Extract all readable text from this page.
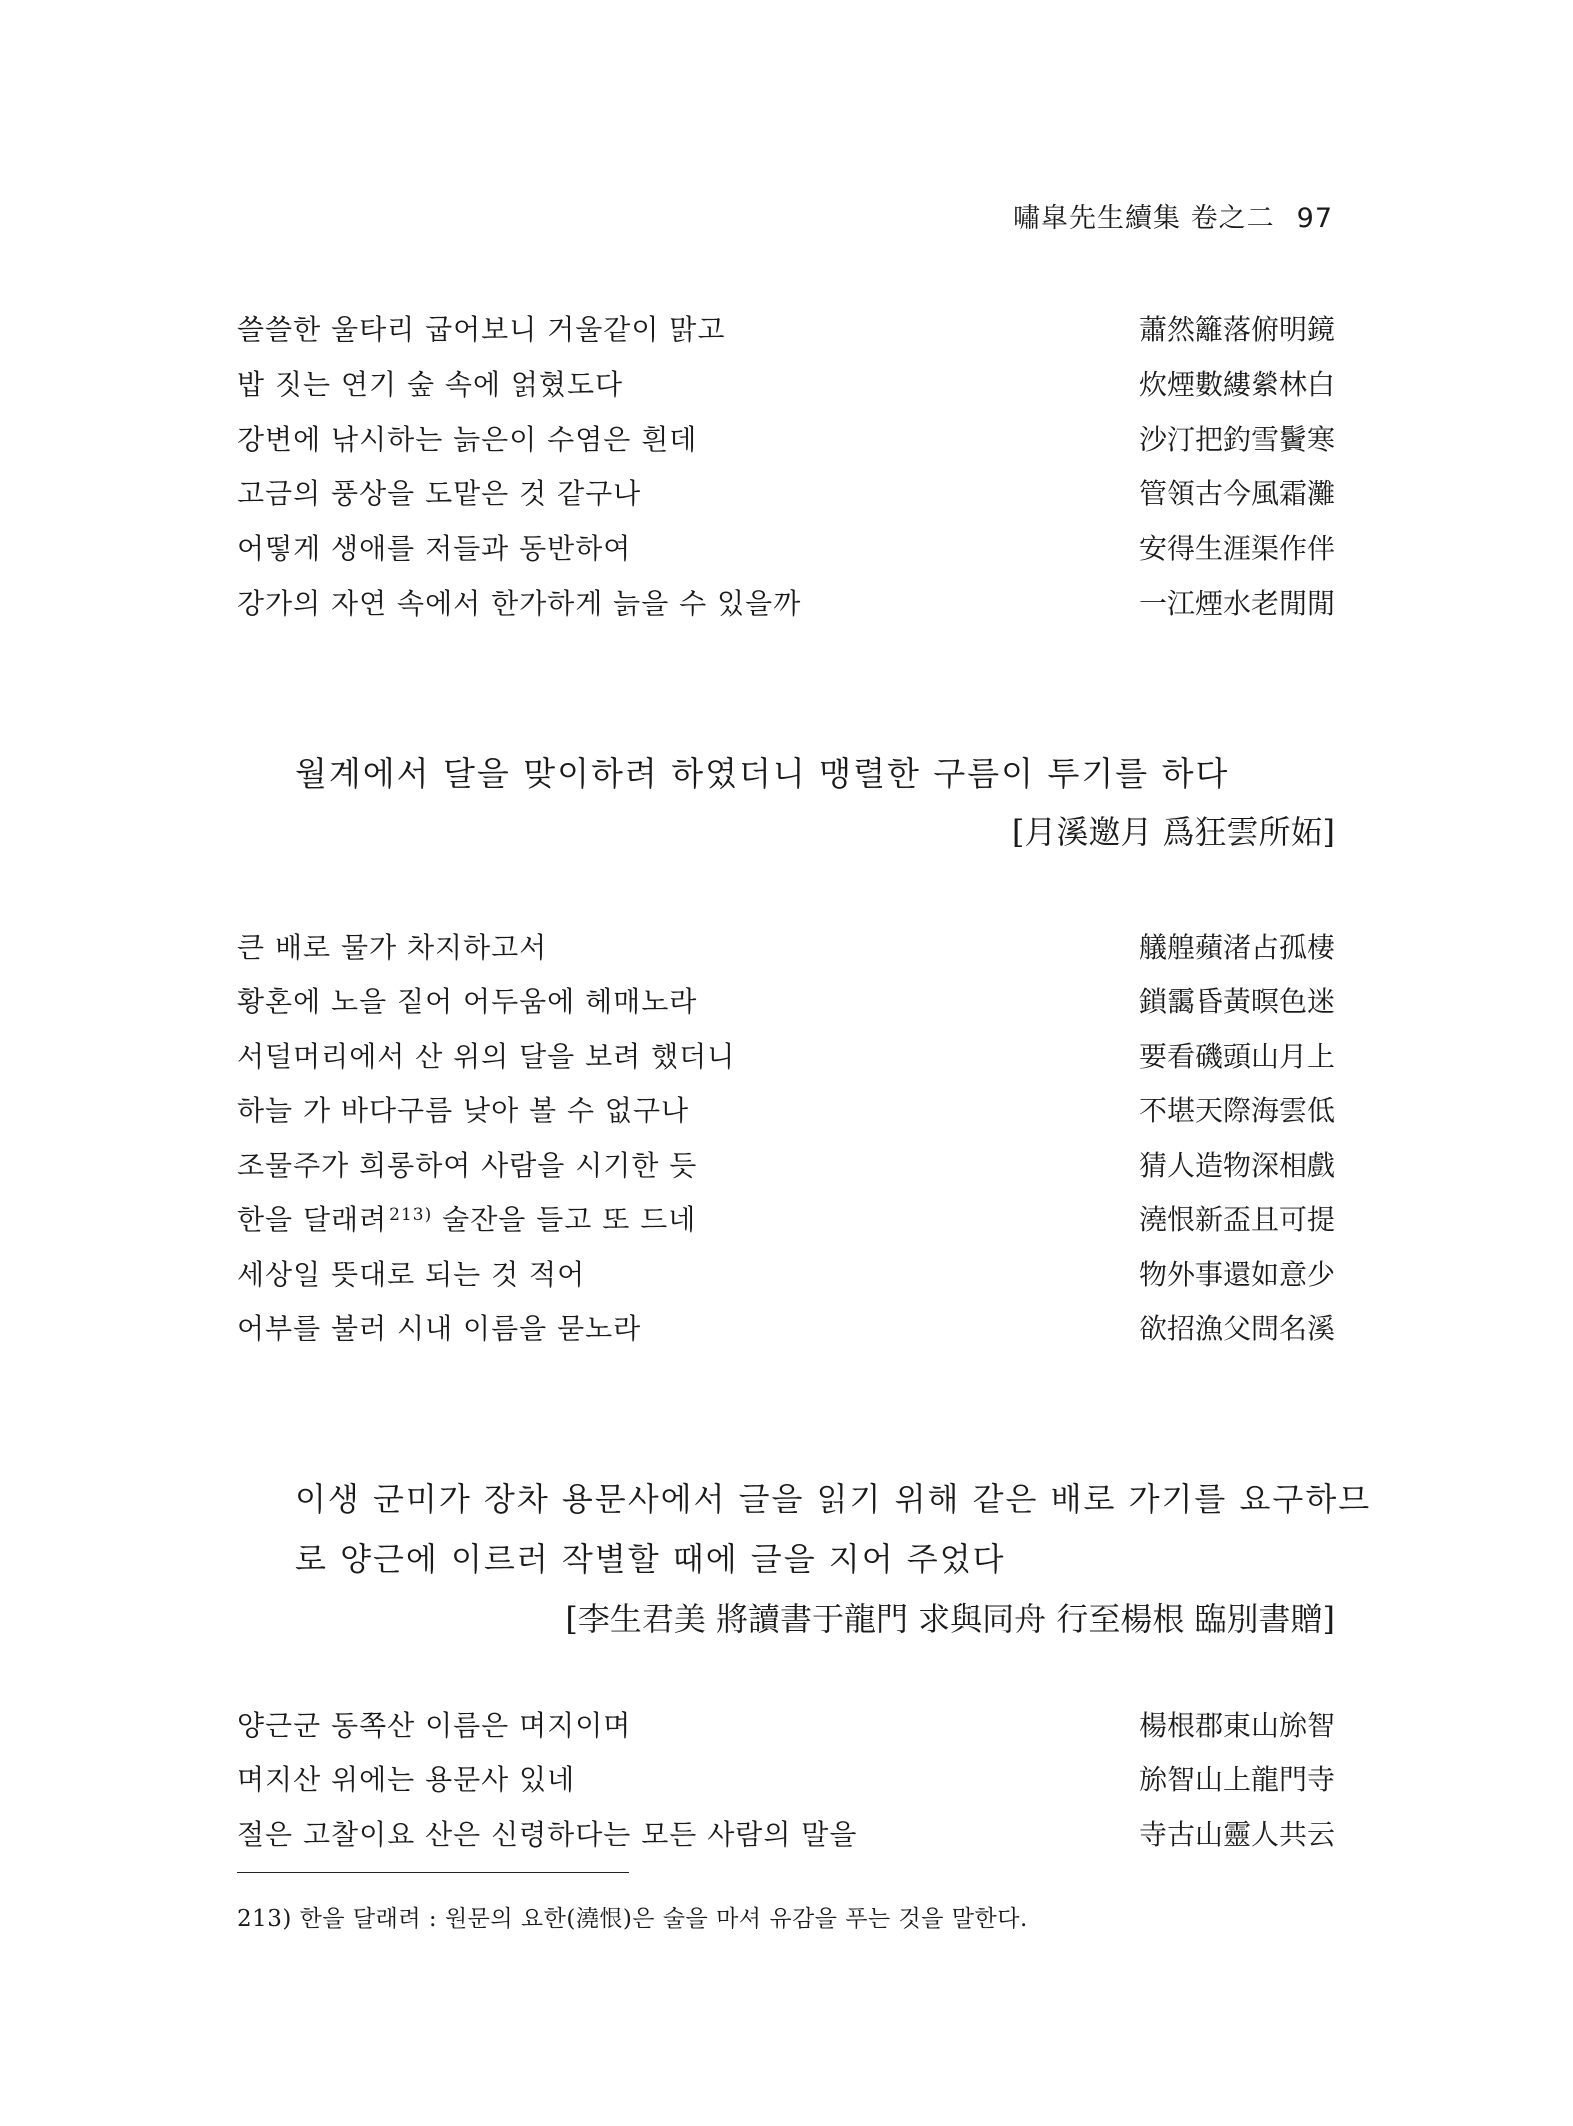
嘯皐先生續集 卷之二 97
쓸쓸한 울타리 굽어보니 거울같이 맑고	蕭然籬落俯明鏡
밥 짓는 연기 숲 속에 얽혔도다	炊煙數縷縈林白
강변에 낚시하는 늙은이 수염은 흰데	沙汀把釣雪鬢寒
고금의 풍상을 도맡은 것 같구나	管領古今風霜灘
어떻게 생애를 저들과 동반하여	安得生涯渠作伴
강가의 자연 속에서 한가하게 늙을 수 있을까	一江煙水老閒閒
월계에서 달을 맞이하려 하였더니 맹렬한 구름이 투기를 하다
[月溪邀月 爲狂雲所妬]
큰 배로 물가 차지하고서	艤艎蘋渚占孤棲
황혼에 노을 짙어 어두움에 헤매노라	鎖靄昏黃暝色迷
서덜머리에서 산 위의 달을 보려 했더니	要看磯頭山月上
하늘 가 바다구름 낮아 볼 수 없구나	不堪天際海雲低
조물주가 희롱하여 사람을 시기한 듯	猜人造物深相戲
한을 달래려 $^{213)}$ 술잔을 들고 또 드네	澆恨新盃且可提
세상일 뜻대로 되는 것 적어	物外事還如意少
어부를 불러 시내 이름을 묻노라	欲招漁父問名溪
이생 군미가 장차 용문사에서 글을 읽기 위해 같은 배로 가기를 요구하므
로 양근에 이르러 작별할 때에 글을 지어 주었다
[李生君美 將讀書于龍門 求與同舟 行至楊根 臨別書贈]
양근군 동쪽산 이름은 며지이며	楊根郡東山旀智
며지산 위에는 용문사 있네	旀智山上龍門寺
절은 고찰이요 산은 신령하다는 모든 사람의 말을	寺古山靈人共云
213) 한을 달래려 : 원문의 요한(澆恨)은 술을 마셔 유감을 푸는 것을 말한다.
